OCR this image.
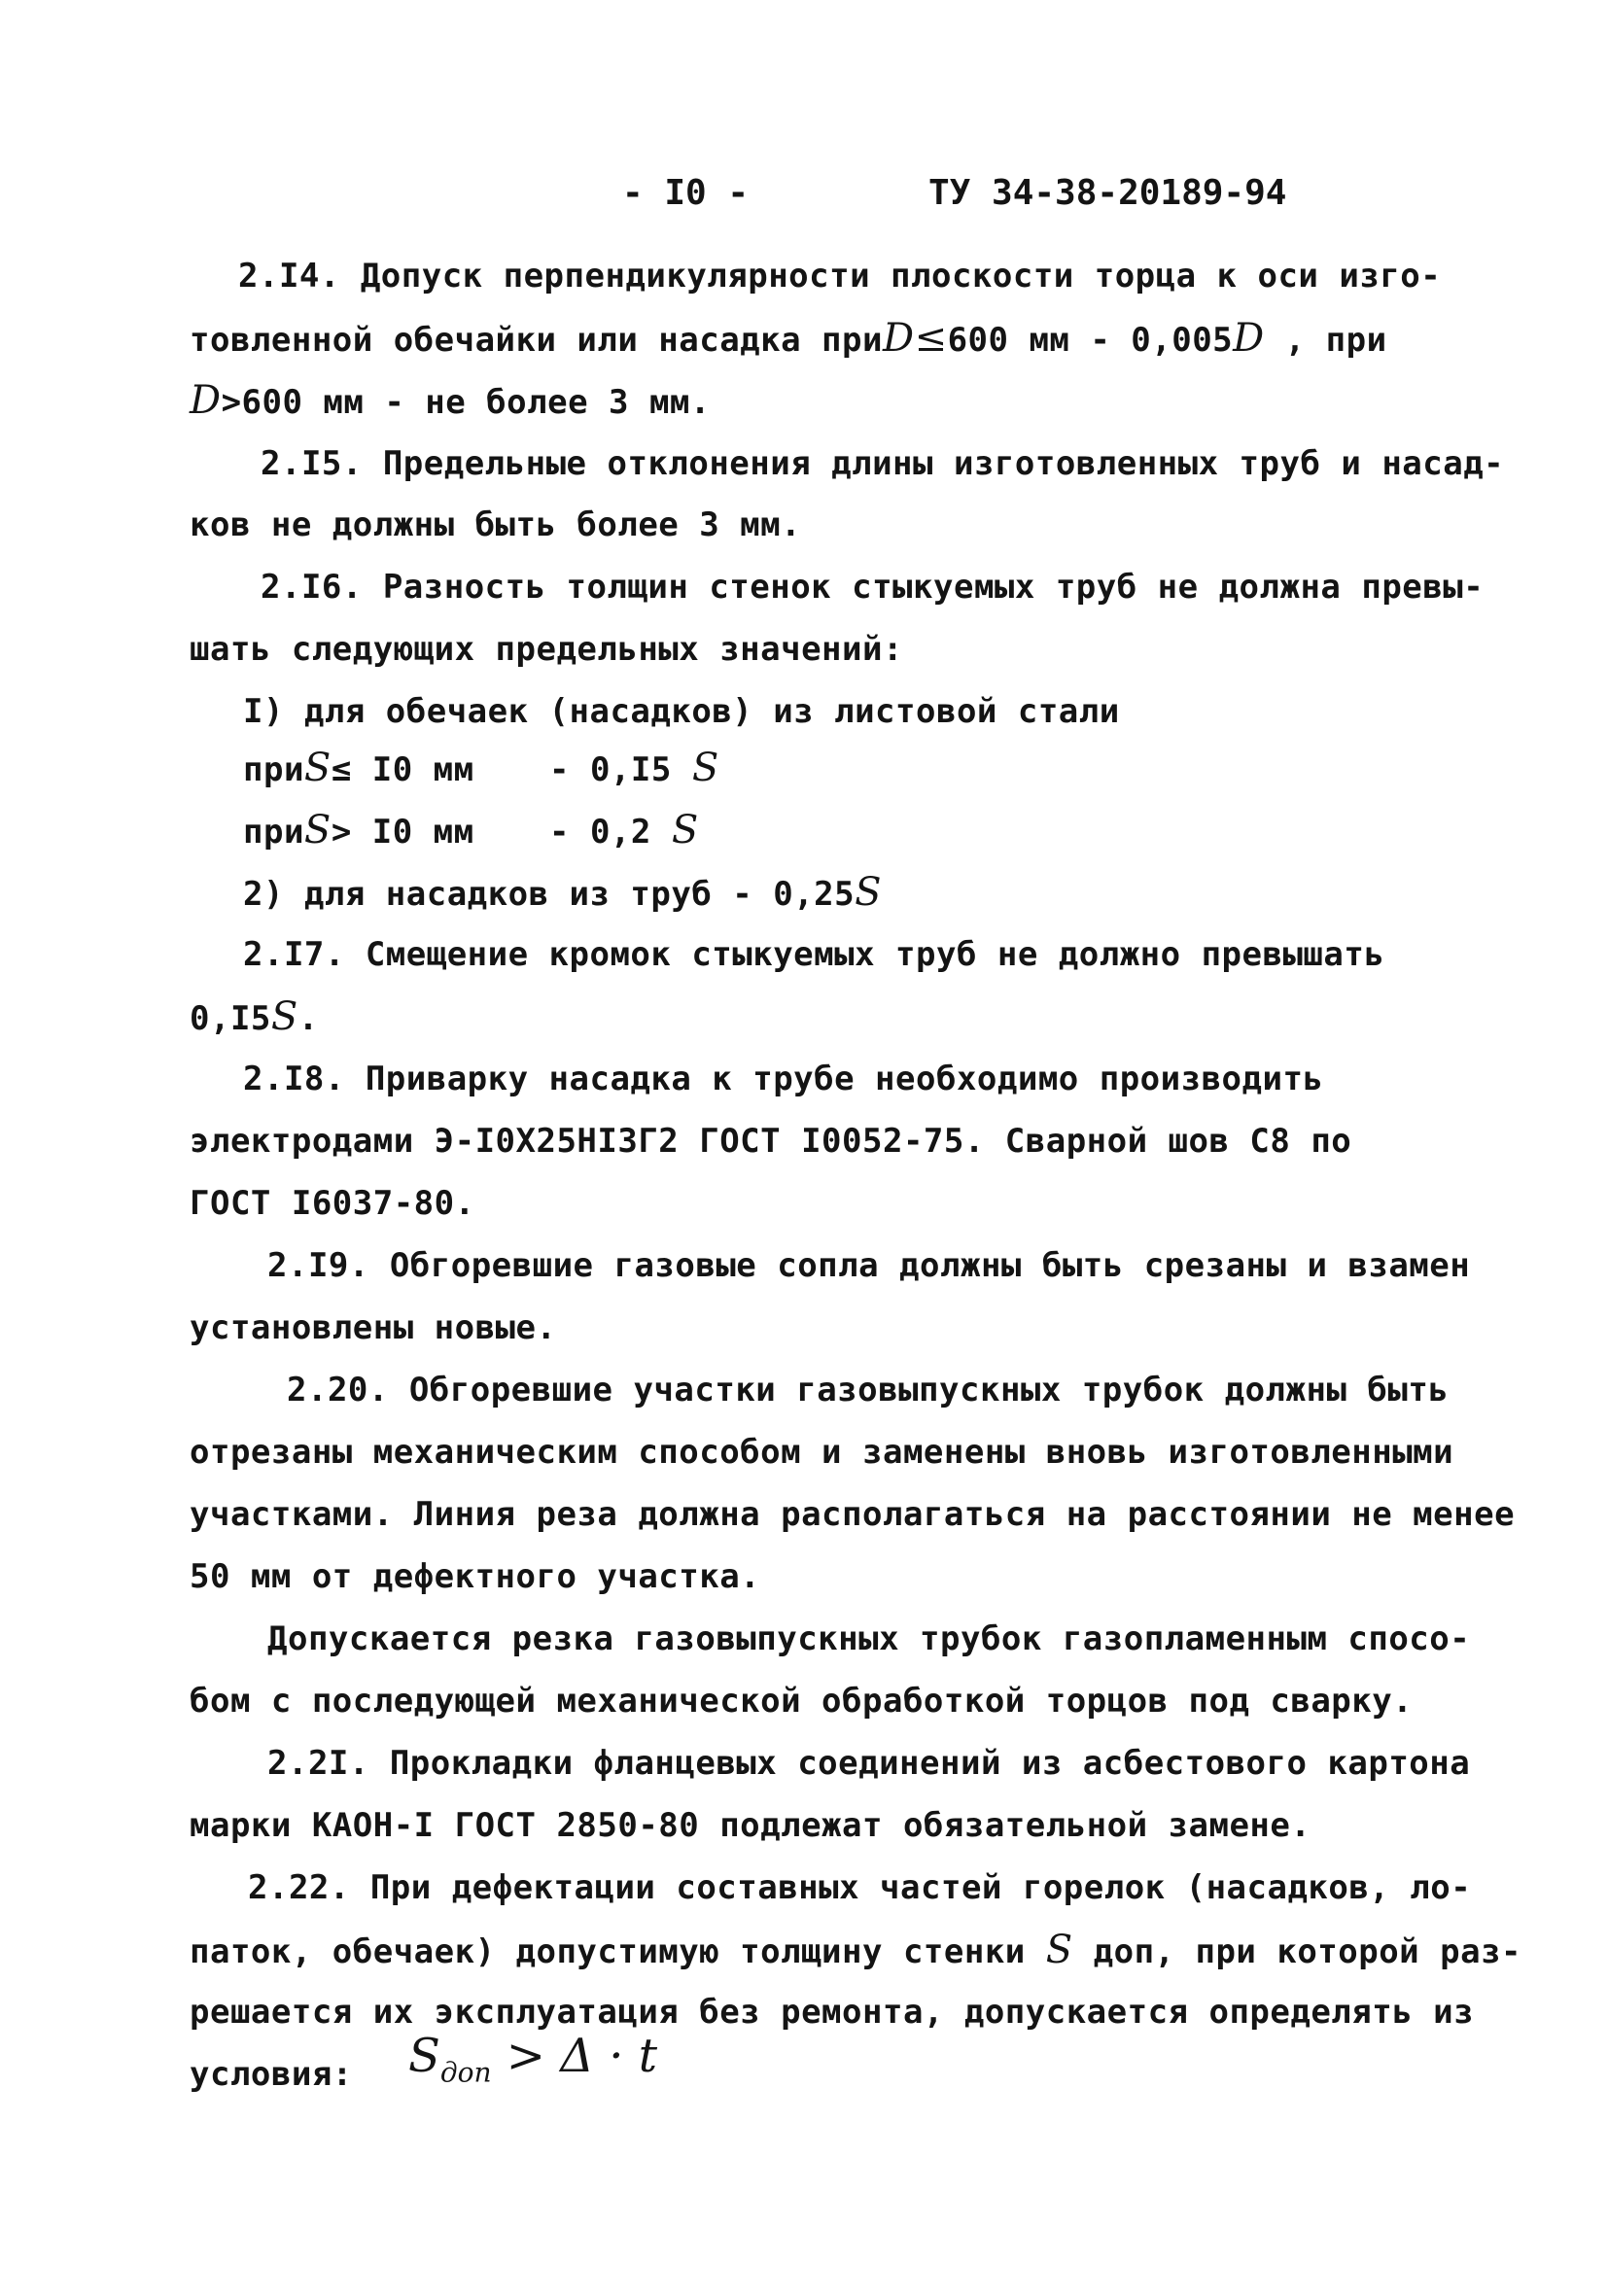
- I0 -	ТУ 34-38-20189-94
2.I4. Допуск перпендикулярности плоскости торца к оси изго-
товленной обечайки или насадка приD≤600 мм - 0,005D , при
D>600 мм - не более 3 мм.
2.I5. Предельные отклонения длины изготовленных труб и насад-
ков не должны быть более 3 мм.
2.I6. Разность толщин стенок стыкуемых труб не должна превы-
шать следующих предельных значений:
I) для обечаек (насадков) из листовой стали
приS≤ I0 мм - 0,I5 S
приS> I0 мм - 0,2 S
2) для насадков из труб - 0,25S
2.I7. Смещение кромок стыкуемых труб не должно превышать
0,I5S.
2.I8. Приварку насадка к трубе необходимо производить
электродами Э-I0Х25НI3Г2 ГОСТ I0052-75. Сварной шов С8 по
ГОСТ I6037-80.
2.I9. Обгоревшие газовые сопла должны быть срезаны и взамен
установлены новые.
2.20. Обгоревшие участки газовыпускных трубок должны быть
отрезаны механическим способом и заменены вновь изготовленными
участками. Линия реза должна располагаться на расстоянии не менее
50 мм от дефектного участка.
Допускается резка газовыпускных трубок газопламенным спосо-
бом с последующей механической обработкой торцов под сварку.
2.2I. Прокладки фланцевых соединений из асбестового картона
марки КАОН-I ГОСТ 2850-80 подлежат обязательной замене.
2.22. При дефектации составных частей горелок (насадков, ло-
паток, обечаек) допустимую толщину стенки S доп, при которой раз-
решается их эксплуатация без ремонта, допускается определять из
условия: $S_{доп} > \Delta \cdot t$
